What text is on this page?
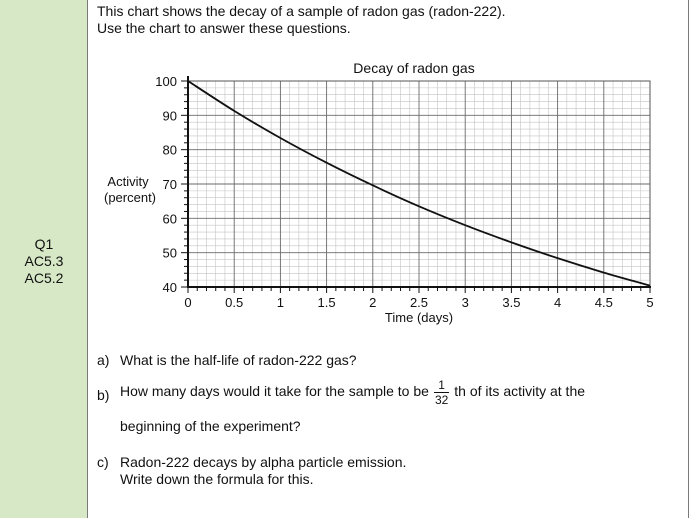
Q1
AC5.3
AC5.2
This chart shows the decay of a sample of radon gas (radon-222).
Use the chart to answer these questions.
40
50
60
70
80
90
100
0	0.5	1	1.5	2	2.5	3	3.5	4	4.5	5
Decay of radon gas
Time (days)
Activity
(percent)
a) What is the half-life of radon-222 gas?
b) How many days would it take for the sample to be $\frac{1}{32}$ th of its activity at the
beginning of the experiment?
c) Radon-222 decays by alpha particle emission.
Write down the formula for this.
